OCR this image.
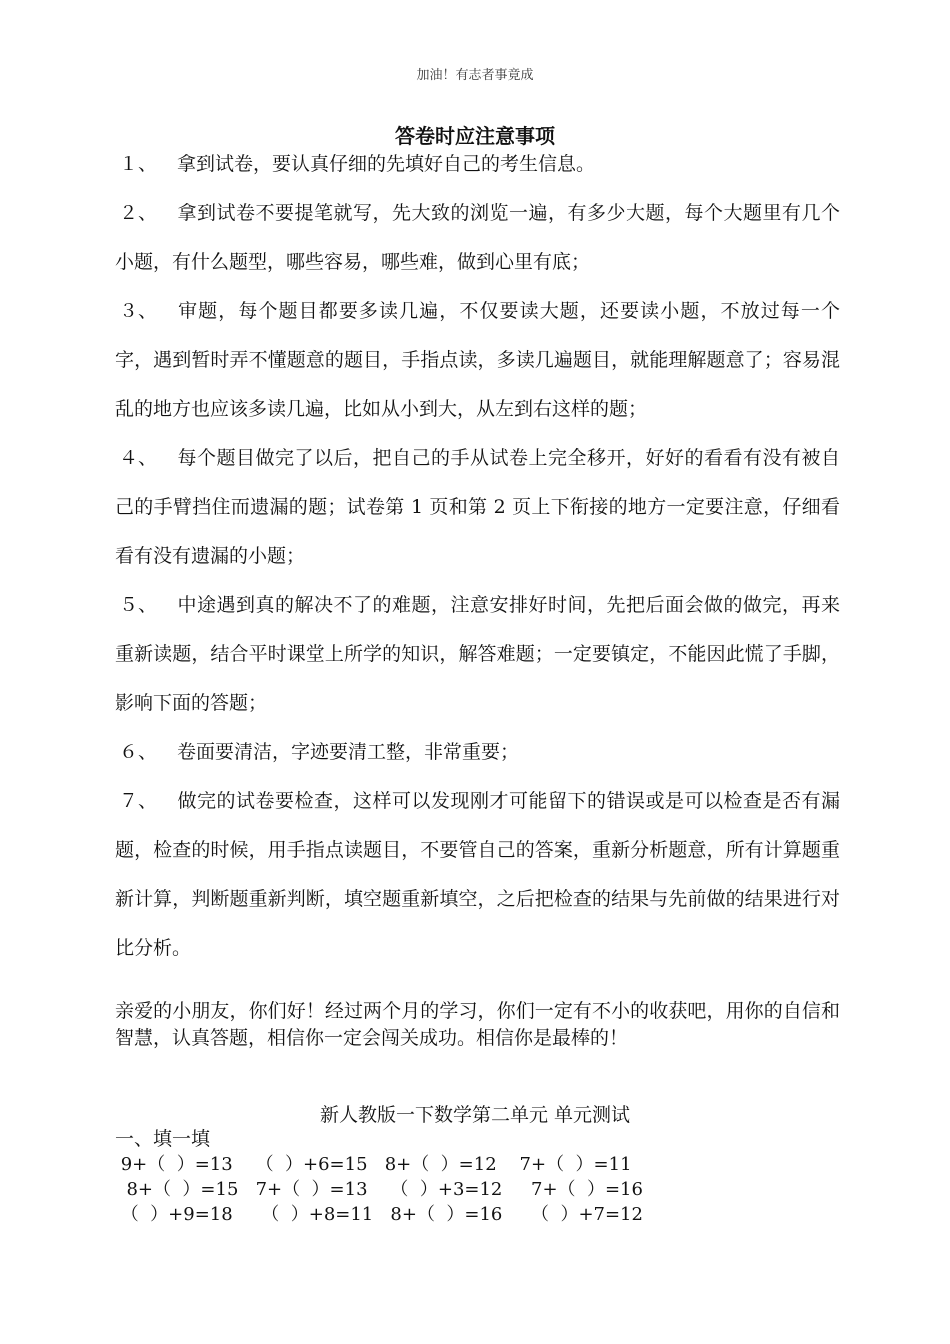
加油！有志者事竟成
答卷时应注意事项

１、 拿到试卷，要认真仔细的先填好自己的考生信息。

２、 拿到试卷不要提笔就写，先大致的浏览一遍，有多少大题，每个大题里有几个小题，有什么题型，哪些容易，哪些难，做到心里有底；

３、 审题，每个题目都要多读几遍，不仅要读大题，还要读小题，不放过每一个字，遇到暂时弄不懂题意的题目，手指点读，多读几遍题目，就能理解题意了；容易混乱的地方也应该多读几遍，比如从小到大，从左到右这样的题；

４、 每个题目做完了以后，把自己的手从试卷上完全移开，好好的看看有没有被自己的手臂挡住而遗漏的题；试卷第 1 页和第 2 页上下衔接的地方一定要注意，仔细看看有没有遗漏的小题；

５、 中途遇到真的解决不了的难题，注意安排好时间，先把后面会做的做完，再来重新读题，结合平时课堂上所学的知识，解答难题；一定要镇定，不能因此慌了手脚，影响下面的答题；

６、 卷面要清洁，字迹要清工整，非常重要；

７、 做完的试卷要检查，这样可以发现刚才可能留下的错误或是可以检查是否有漏题，检查的时候，用手指点读题目，不要管自己的答案，重新分析题意，所有计算题重新计算，判断题重新判断，填空题重新填空，之后把检查的结果与先前做的结果进行对比分析。

亲爱的小朋友，你们好！经过两个月的学习，你们一定有不小的收获吧，用你的自信和智慧，认真答题，相信你一定会闯关成功。相信你是最棒的！
新人教版一下数学第二单元 单元测试
一、填一填
9+（  ）=13    （  ）+6=15   8+（  ）=12    7+（  ）=11
8+（  ）=15   7+（  ）=13    （  ）+3=12     7+（  ）=16
（  ）+9=18     （  ）+8=11   8+（  ）=16     （  ）+7=12
